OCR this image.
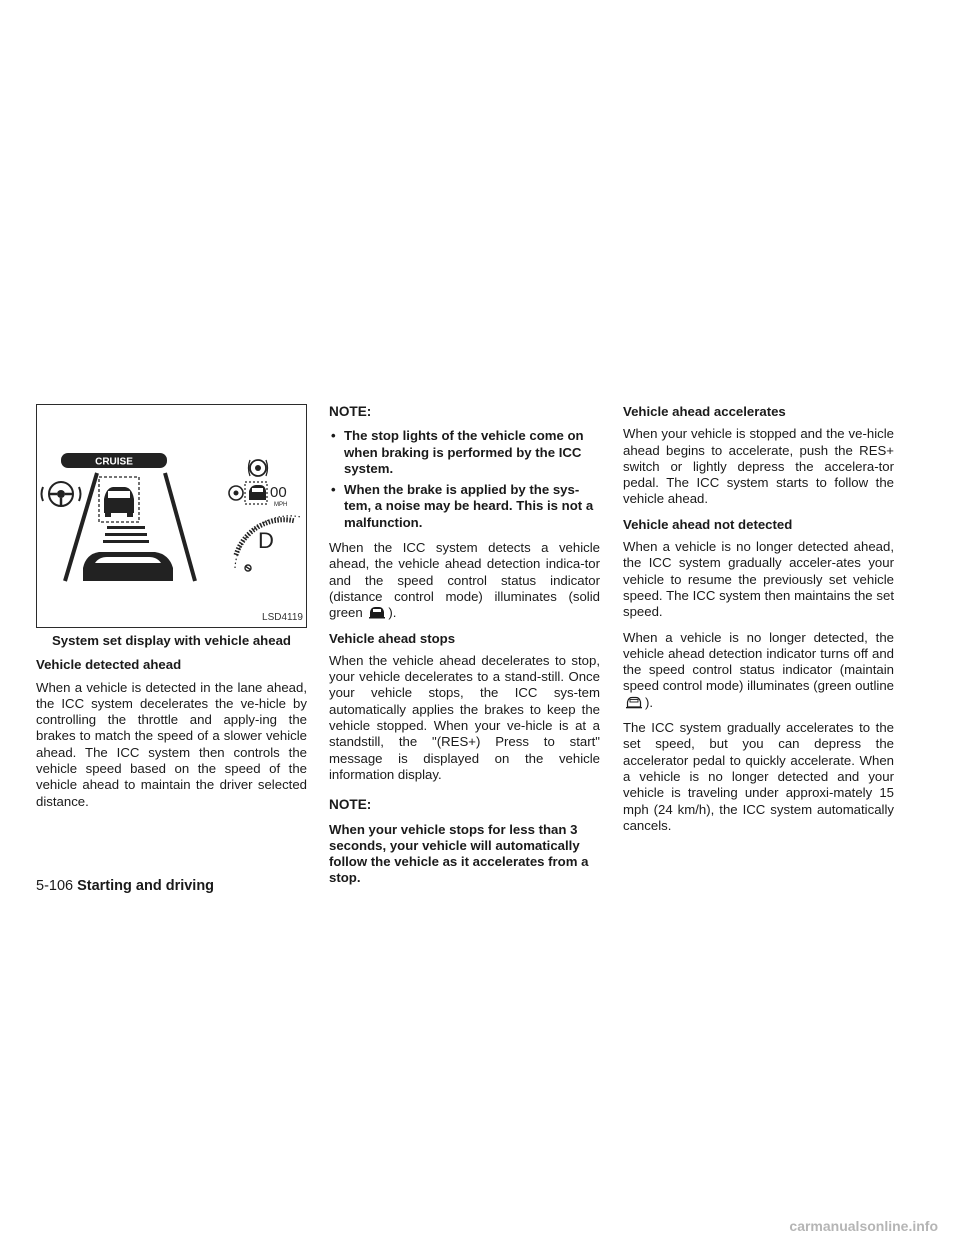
CRUISE
00
MPH
D
LSD4119
System set display with vehicle ahead
Vehicle detected ahead

When a vehicle is detected in the lane ahead, the ICC system decelerates the ve-hicle by controlling the throttle and apply-ing the brakes to match the speed of a slower vehicle ahead. The ICC system then controls the vehicle speed based on the speed of the vehicle ahead to maintain the driver selected distance.

NOTE:
• The stop lights of the vehicle come on when braking is performed by the ICC system.
• When the brake is applied by the sys-tem, a noise may be heard. This is not a malfunction.

When the ICC system detects a vehicle ahead, the vehicle ahead detection indica-tor and the speed control status indicator (distance control mode) illuminates (solid green ).

Vehicle ahead stops

When the vehicle ahead decelerates to stop, your vehicle decelerates to a stand-still. Once your vehicle stops, the ICC sys-tem automatically applies the brakes to keep the vehicle stopped. When your ve-hicle is at a standstill, the "(RES+) Press to start" message is displayed on the vehicle information display.

NOTE:

When your vehicle stops for less than 3 seconds, your vehicle will automatically follow the vehicle as it accelerates from a stop.

Vehicle ahead accelerates

When your vehicle is stopped and the ve-hicle ahead begins to accelerate, push the RES+ switch or lightly depress the accelera-tor pedal. The ICC system starts to follow the vehicle ahead.

Vehicle ahead not detected

When a vehicle is no longer detected ahead, the ICC system gradually acceler-ates your vehicle to resume the previously set vehicle speed. The ICC system then maintains the set speed.

When a vehicle is no longer detected, the vehicle ahead detection indicator turns off and the speed control status indicator (maintain speed control mode) illuminates (green outline ).

The ICC system gradually accelerates to the set speed, but you can depress the accelerator pedal to quickly accelerate. When a vehicle is no longer detected and your vehicle is traveling under approxi-mately 15 mph (24 km/h), the ICC system automatically cancels.

5-106 Starting and driving
carmanualsonline.info
